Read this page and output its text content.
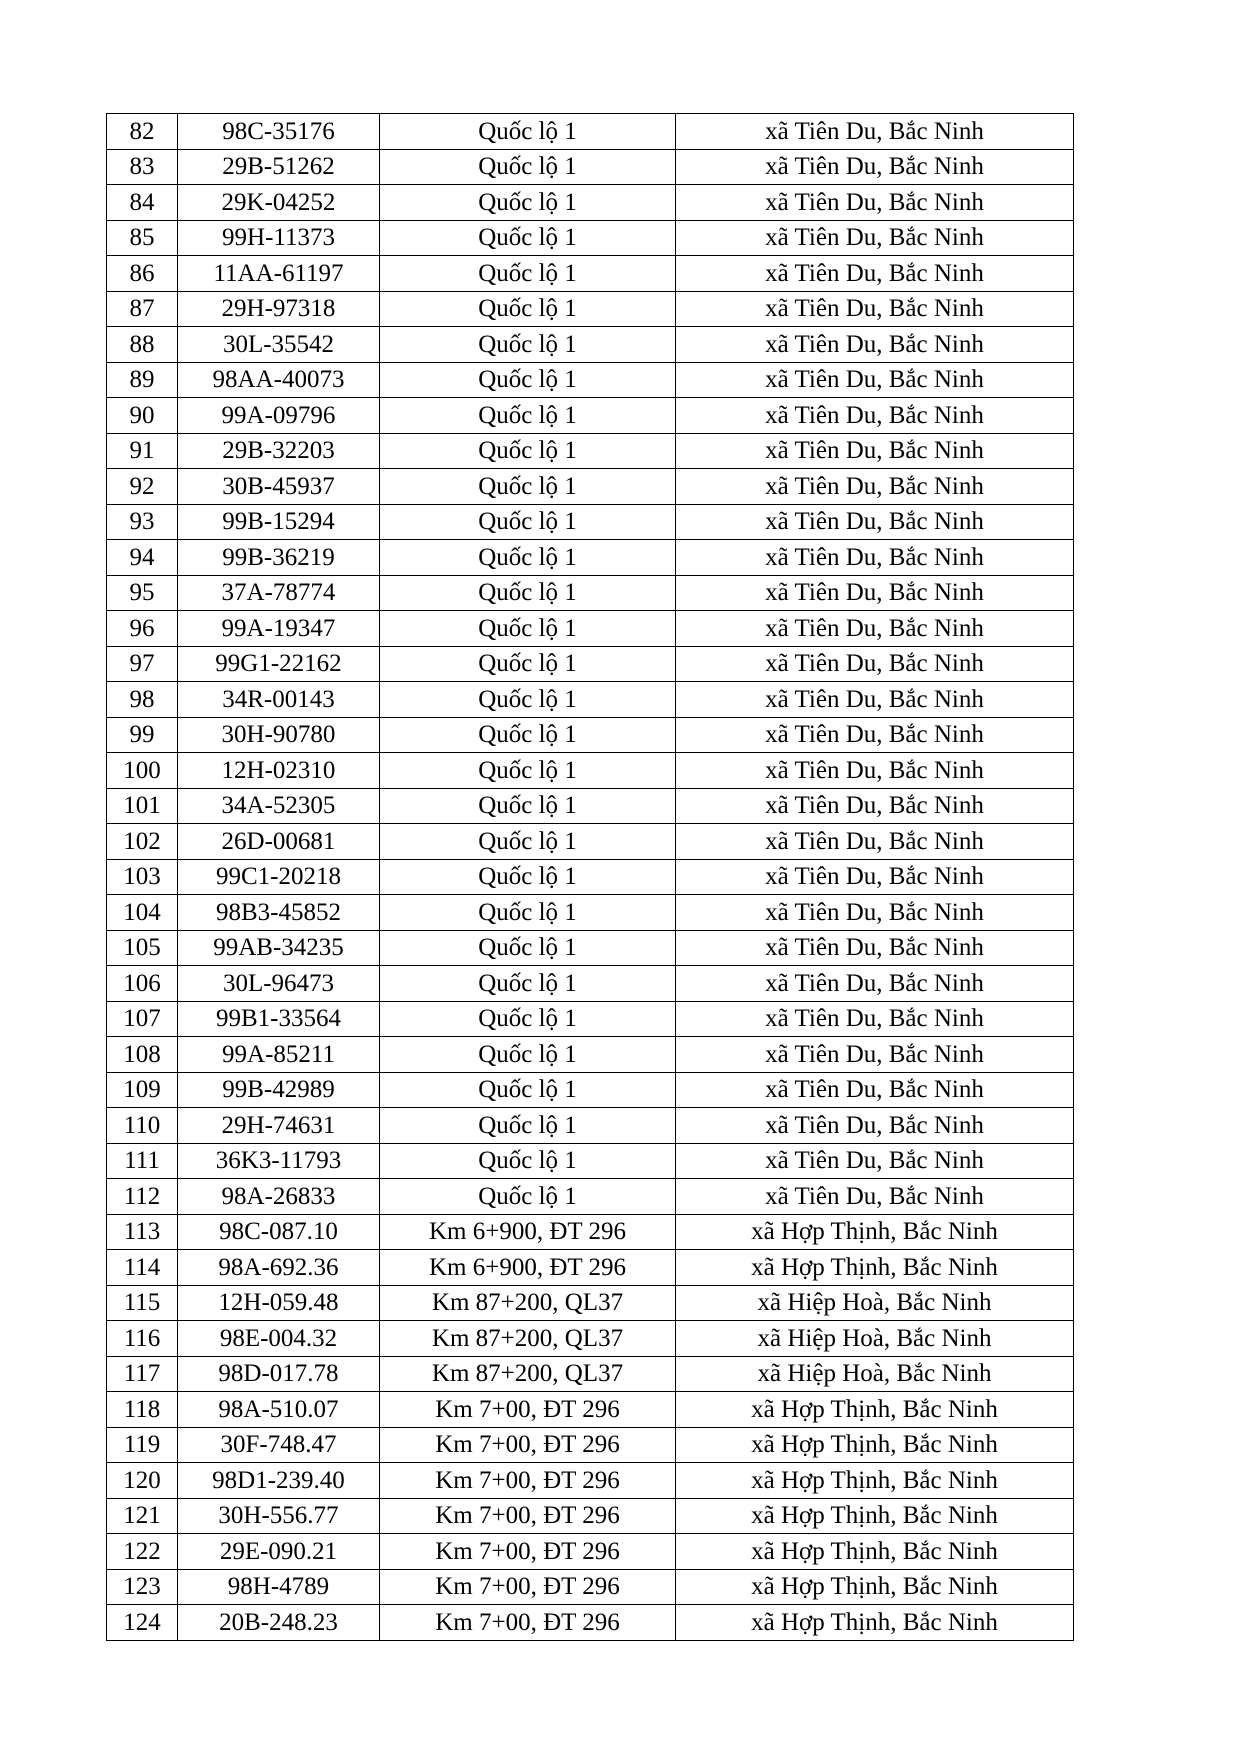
82	98C-35176	Quốc lộ 1	xã Tiên Du, Bắc Ninh
83	29B-51262	Quốc lộ 1	xã Tiên Du, Bắc Ninh
84	29K-04252	Quốc lộ 1	xã Tiên Du, Bắc Ninh
85	99H-11373	Quốc lộ 1	xã Tiên Du, Bắc Ninh
86	11AA-61197	Quốc lộ 1	xã Tiên Du, Bắc Ninh
87	29H-97318	Quốc lộ 1	xã Tiên Du, Bắc Ninh
88	30L-35542	Quốc lộ 1	xã Tiên Du, Bắc Ninh
89	98AA-40073	Quốc lộ 1	xã Tiên Du, Bắc Ninh
90	99A-09796	Quốc lộ 1	xã Tiên Du, Bắc Ninh
91	29B-32203	Quốc lộ 1	xã Tiên Du, Bắc Ninh
92	30B-45937	Quốc lộ 1	xã Tiên Du, Bắc Ninh
93	99B-15294	Quốc lộ 1	xã Tiên Du, Bắc Ninh
94	99B-36219	Quốc lộ 1	xã Tiên Du, Bắc Ninh
95	37A-78774	Quốc lộ 1	xã Tiên Du, Bắc Ninh
96	99A-19347	Quốc lộ 1	xã Tiên Du, Bắc Ninh
97	99G1-22162	Quốc lộ 1	xã Tiên Du, Bắc Ninh
98	34R-00143	Quốc lộ 1	xã Tiên Du, Bắc Ninh
99	30H-90780	Quốc lộ 1	xã Tiên Du, Bắc Ninh
100	12H-02310	Quốc lộ 1	xã Tiên Du, Bắc Ninh
101	34A-52305	Quốc lộ 1	xã Tiên Du, Bắc Ninh
102	26D-00681	Quốc lộ 1	xã Tiên Du, Bắc Ninh
103	99C1-20218	Quốc lộ 1	xã Tiên Du, Bắc Ninh
104	98B3-45852	Quốc lộ 1	xã Tiên Du, Bắc Ninh
105	99AB-34235	Quốc lộ 1	xã Tiên Du, Bắc Ninh
106	30L-96473	Quốc lộ 1	xã Tiên Du, Bắc Ninh
107	99B1-33564	Quốc lộ 1	xã Tiên Du, Bắc Ninh
108	99A-85211	Quốc lộ 1	xã Tiên Du, Bắc Ninh
109	99B-42989	Quốc lộ 1	xã Tiên Du, Bắc Ninh
110	29H-74631	Quốc lộ 1	xã Tiên Du, Bắc Ninh
111	36K3-11793	Quốc lộ 1	xã Tiên Du, Bắc Ninh
112	98A-26833	Quốc lộ 1	xã Tiên Du, Bắc Ninh
113	98C-087.10	Km 6+900, ĐT 296	xã Hợp Thịnh, Bắc Ninh
114	98A-692.36	Km 6+900, ĐT 296	xã Hợp Thịnh, Bắc Ninh
115	12H-059.48	Km 87+200, QL37	xã Hiệp Hoà, Bắc Ninh
116	98E-004.32	Km 87+200, QL37	xã Hiệp Hoà, Bắc Ninh
117	98D-017.78	Km 87+200, QL37	xã Hiệp Hoà, Bắc Ninh
118	98A-510.07	Km 7+00, ĐT 296	xã Hợp Thịnh, Bắc Ninh
119	30F-748.47	Km 7+00, ĐT 296	xã Hợp Thịnh, Bắc Ninh
120	98D1-239.40	Km 7+00, ĐT 296	xã Hợp Thịnh, Bắc Ninh
121	30H-556.77	Km 7+00, ĐT 296	xã Hợp Thịnh, Bắc Ninh
122	29E-090.21	Km 7+00, ĐT 296	xã Hợp Thịnh, Bắc Ninh
123	98H-4789	Km 7+00, ĐT 296	xã Hợp Thịnh, Bắc Ninh
124	20B-248.23	Km 7+00, ĐT 296	xã Hợp Thịnh, Bắc Ninh
